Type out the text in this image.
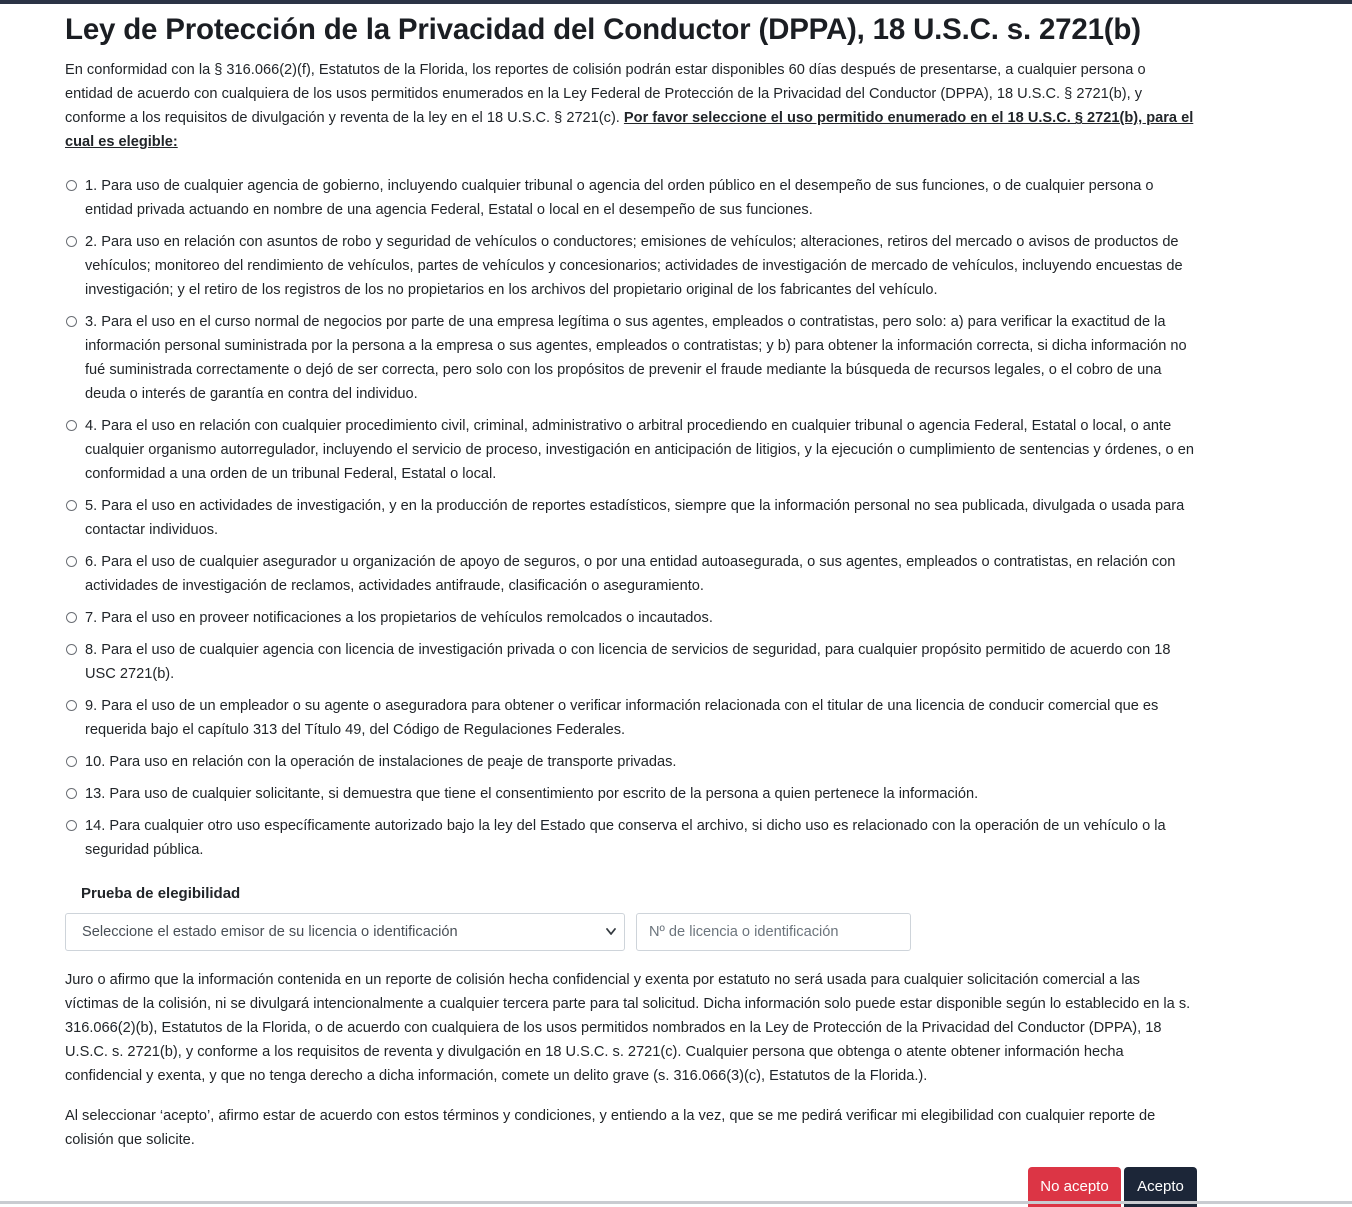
Ley de Protección de la Privacidad del Conductor (DPPA), 18 U.S.C. s. 2721(b)

En conformidad con la § 316.066(2)(f), Estatutos de la Florida, los reportes de colisión podrán estar disponibles 60 días después de presentarse, a cualquier persona o entidad de acuerdo con cualquiera de los usos permitidos enumerados en la Ley Federal de Protección de la Privacidad del Conductor (DPPA), 18 U.S.C. § 2721(b), y conforme a los requisitos de divulgación y reventa de la ley en el 18 U.S.C. § 2721(c). Por favor seleccione el uso permitido enumerado en el 18 U.S.C. § 2721(b), para el cual es elegible:

1. Para uso de cualquier agencia de gobierno, incluyendo cualquier tribunal o agencia del orden público en el desempeño de sus funciones, o de cualquier persona o entidad privada actuando en nombre de una agencia Federal, Estatal o local en el desempeño de sus funciones.
2. Para uso en relación con asuntos de robo y seguridad de vehículos o conductores; emisiones de vehículos; alteraciones, retiros del mercado o avisos de productos de vehículos; monitoreo del rendimiento de vehículos, partes de vehículos y concesionarios; actividades de investigación de mercado de vehículos, incluyendo encuestas de investigación; y el retiro de los registros de los no propietarios en los archivos del propietario original de los fabricantes del vehículo.
3. Para el uso en el curso normal de negocios por parte de una empresa legítima o sus agentes, empleados o contratistas, pero solo: a) para verificar la exactitud de la información personal suministrada por la persona a la empresa o sus agentes, empleados o contratistas; y b) para obtener la información correcta, si dicha información no fué suministrada correctamente o dejó de ser correcta, pero solo con los propósitos de prevenir el fraude mediante la búsqueda de recursos legales, o el cobro de una deuda o interés de garantía en contra del individuo.
4. Para el uso en relación con cualquier procedimiento civil, criminal, administrativo o arbitral procediendo en cualquier tribunal o agencia Federal, Estatal o local, o ante cualquier organismo autorregulador, incluyendo el servicio de proceso, investigación en anticipación de litigios, y la ejecución o cumplimiento de sentencias y órdenes, o en conformidad a una orden de un tribunal Federal, Estatal o local.
5. Para el uso en actividades de investigación, y en la producción de reportes estadísticos, siempre que la información personal no sea publicada, divulgada o usada para contactar individuos.
6. Para el uso de cualquier asegurador u organización de apoyo de seguros, o por una entidad autoasegurada, o sus agentes, empleados o contratistas, en relación con actividades de investigación de reclamos, actividades antifraude, clasificación o aseguramiento.
7. Para el uso en proveer notificaciones a los propietarios de vehículos remolcados o incautados.
8. Para el uso de cualquier agencia con licencia de investigación privada o con licencia de servicios de seguridad, para cualquier propósito permitido de acuerdo con 18 USC 2721(b).
9. Para el uso de un empleador o su agente o aseguradora para obtener o verificar información relacionada con el titular de una licencia de conducir comercial que es requerida bajo el capítulo 313 del Título 49, del Código de Regulaciones Federales.
10. Para uso en relación con la operación de instalaciones de peaje de transporte privadas.
13. Para uso de cualquier solicitante, si demuestra que tiene el consentimiento por escrito de la persona a quien pertenece la información.
14. Para cualquier otro uso específicamente autorizado bajo la ley del Estado que conserva el archivo, si dicho uso es relacionado con la operación de un vehículo o la seguridad pública.
Prueba de elegibilidad
Seleccione el estado emisor de su licencia o identificación
Nº de licencia o identificación

Juro o afirmo que la información contenida en un reporte de colisión hecha confidencial y exenta por estatuto no será usada para cualquier solicitación comercial a las víctimas de la colisión, ni se divulgará intencionalmente a cualquier tercera parte para tal solicitud. Dicha información solo puede estar disponible según lo establecido en la s. 316.066(2)(b), Estatutos de la Florida, o de acuerdo con cualquiera de los usos permitidos nombrados en la Ley de Protección de la Privacidad del Conductor (DPPA), 18 U.S.C. s. 2721(b), y conforme a los requisitos de reventa y divulgación en 18 U.S.C. s. 2721(c). Cualquier persona que obtenga o atente obtener información hecha confidencial y exenta, y que no tenga derecho a dicha información, comete un delito grave (s. 316.066(3)(c), Estatutos de la Florida.).

Al seleccionar ‘acepto’, afirmo estar de acuerdo con estos términos y condiciones, y entiendo a la vez, que se me pedirá verificar mi elegibilidad con cualquier reporte de colisión que solicite.

No acepto	Acepto
